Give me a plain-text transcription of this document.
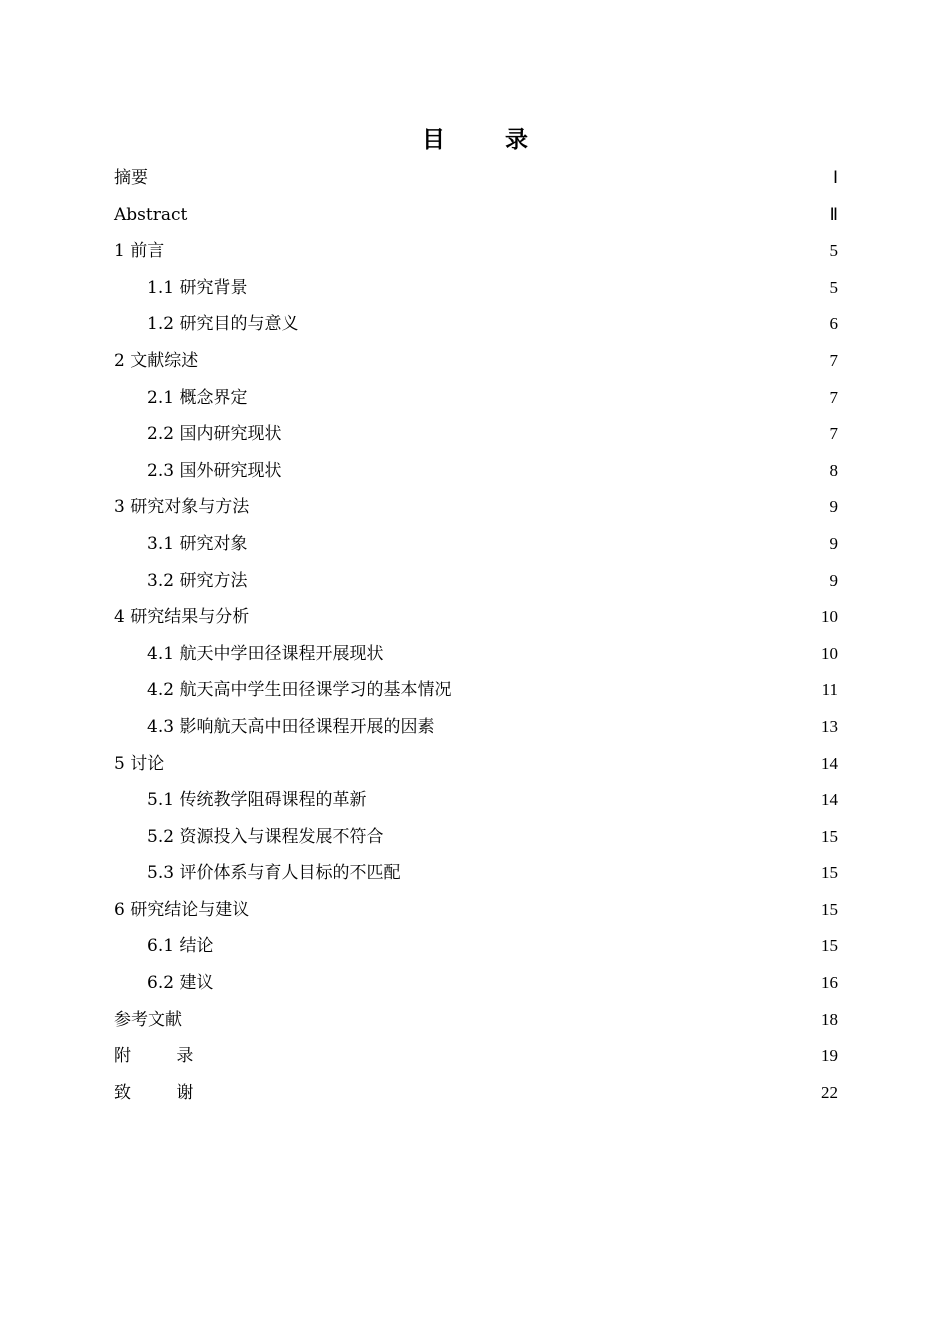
目 录
摘要	Ⅰ
Abstract	Ⅱ
1 前言	5
1.1 研究背景	5
1.2 研究目的与意义	6
2 文献综述	7
2.1 概念界定	7
2.2 国内研究现状	7
2.3 国外研究现状	8
3 研究对象与方法	9
3.1 研究对象	9
3.2 研究方法	9
4 研究结果与分析	10
4.1 航天中学田径课程开展现状	10
4.2 航天高中学生田径课学习的基本情况	11
4.3 影响航天高中田径课程开展的因素	13
5 讨论	14
5.1 传统教学阻碍课程的革新	14
5.2 资源投入与课程发展不符合	15
5.3 评价体系与育人目标的不匹配	15
6 研究结论与建议	15
6.1 结论	15
6.2 建议	16
参考文献	18
附 录	19
致 谢	22
